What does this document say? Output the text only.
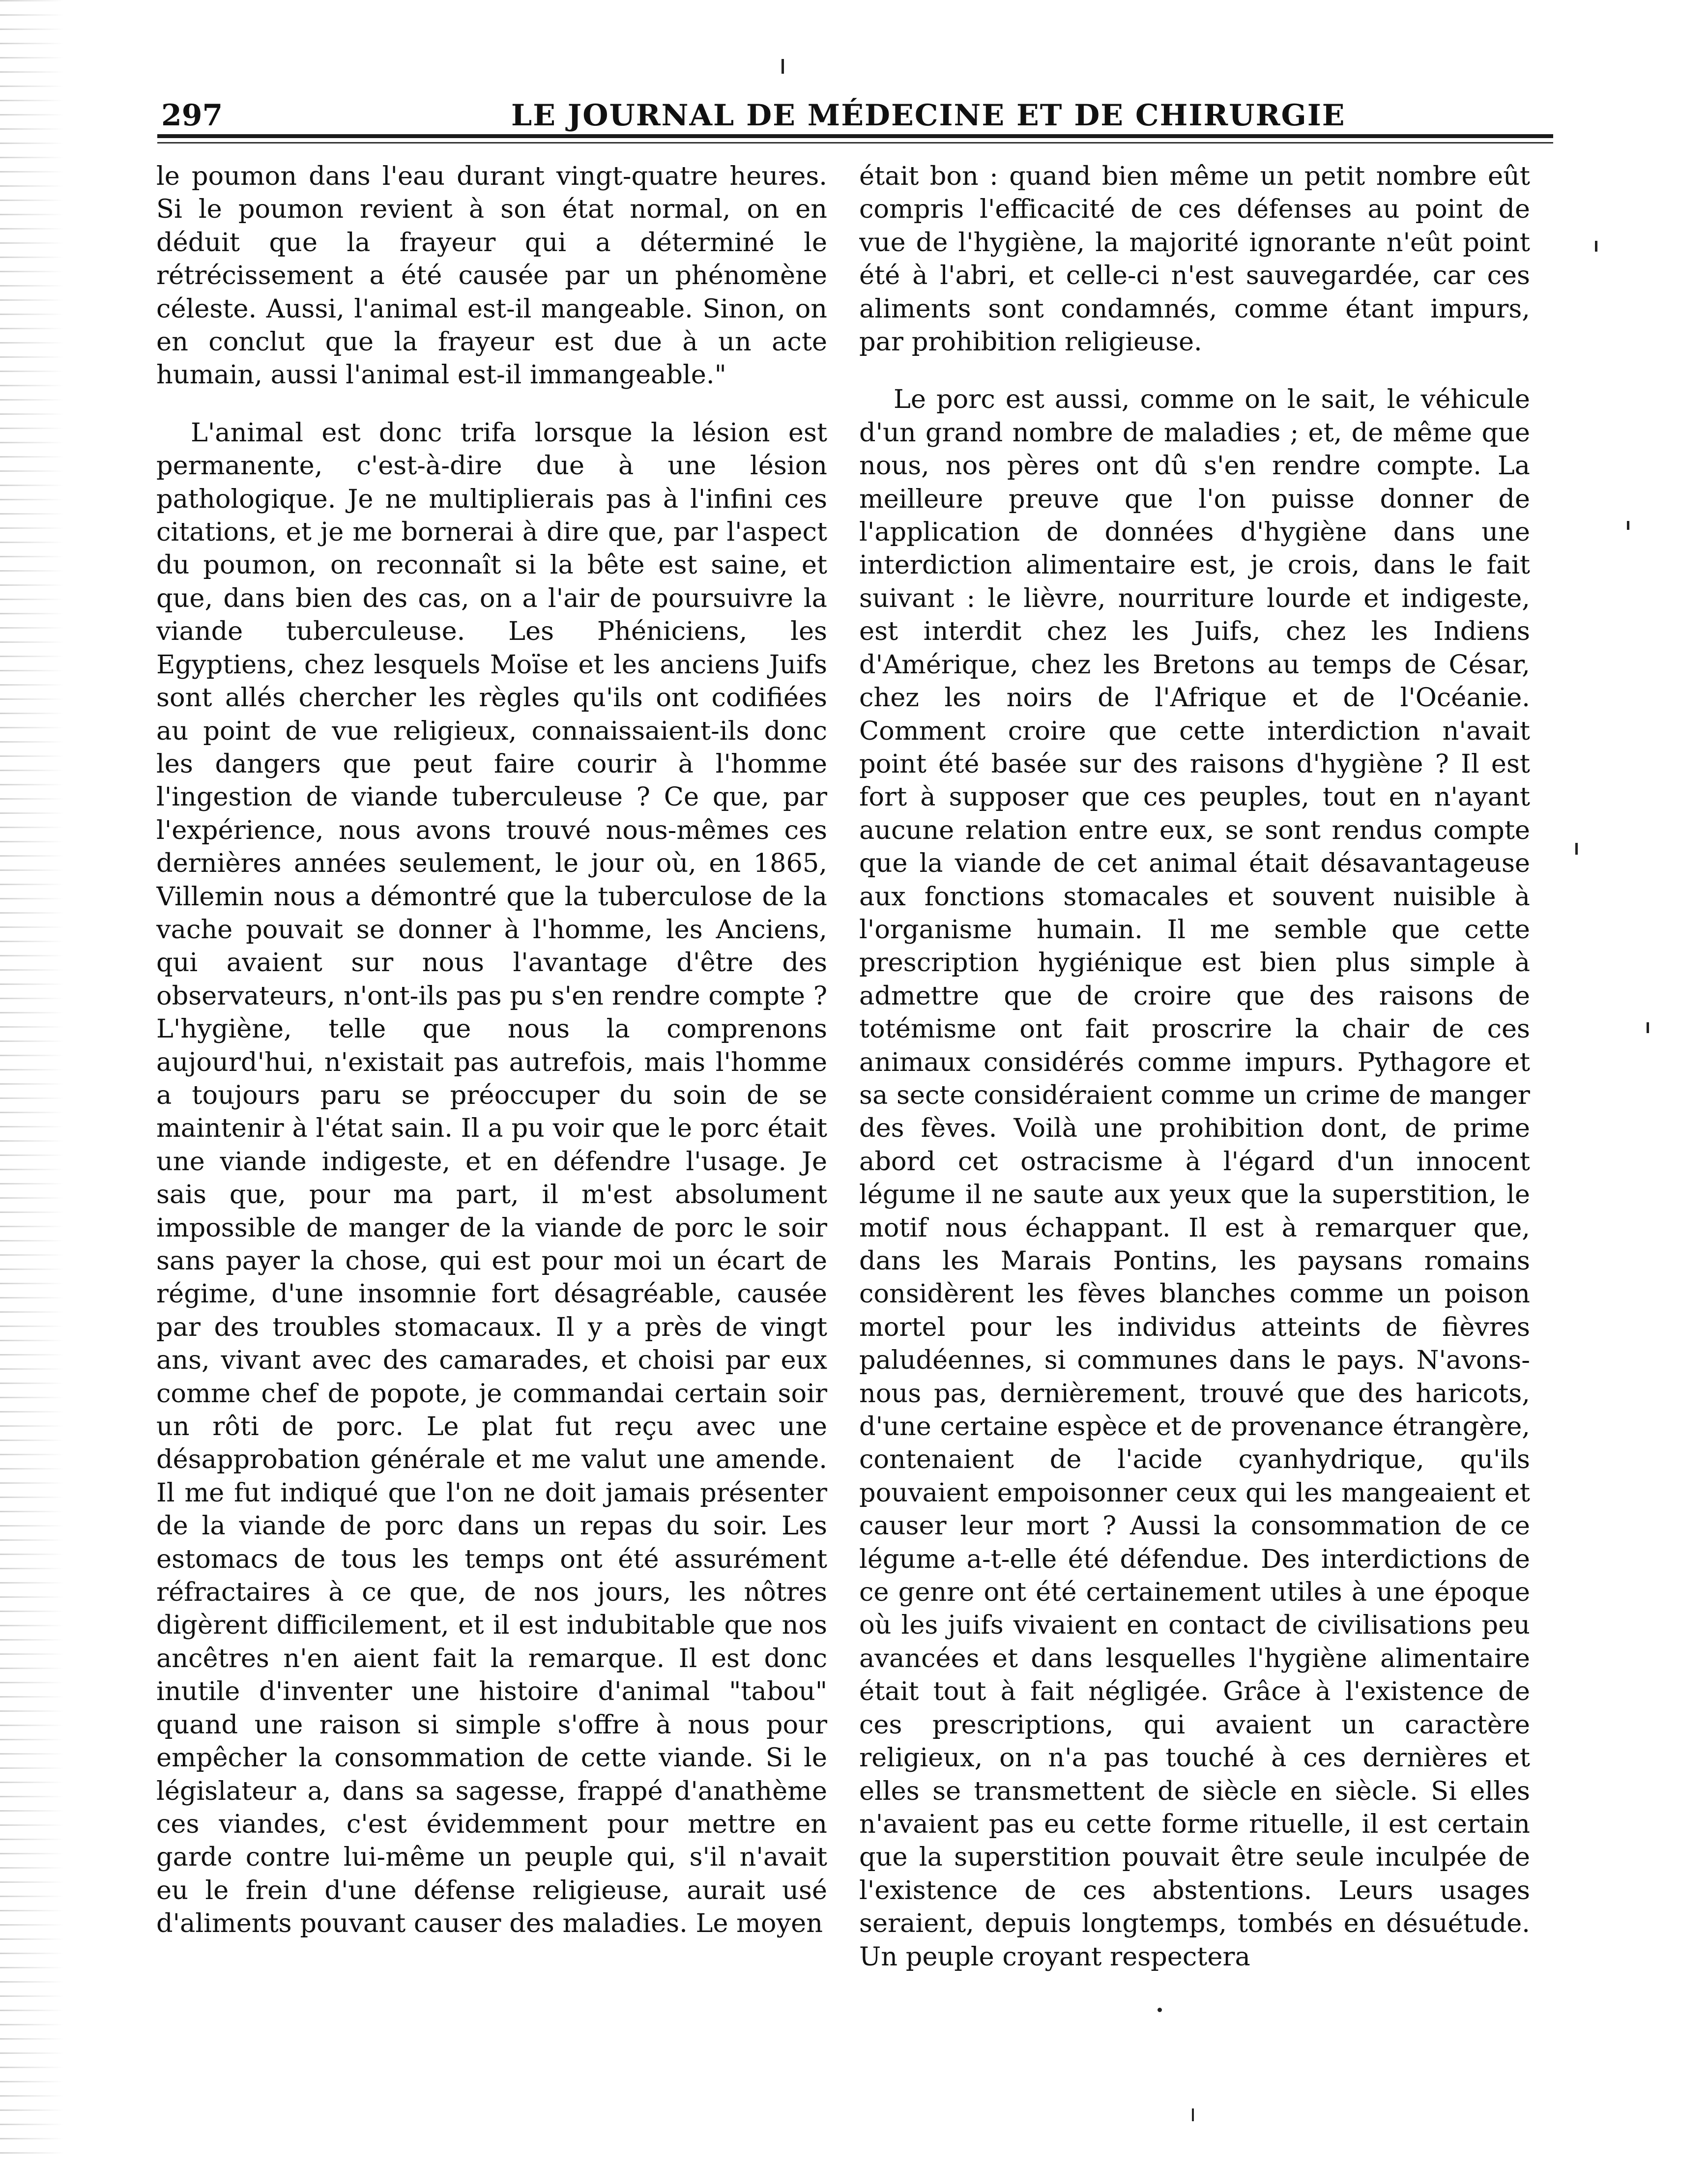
297	LE JOURNAL DE MÉDECINE ET DE CHIRURGIE

le poumon dans l'eau durant vingt-quatre heures. Si le poumon revient à son état normal, on en déduit que la frayeur qui a déterminé le rétrécissement a été causée par un phénomène céleste. Aussi, l'animal est-il mangeable. Sinon, on en conclut que la frayeur est due à un acte humain, aussi l'animal est-il immangeable."

L'animal est donc trifa lorsque la lésion est permanente, c'est-à-dire due à une lésion pathologique. Je ne multiplierais pas à l'infini ces citations, et je me bornerai à dire que, par l'aspect du poumon, on reconnaît si la bête est saine, et que, dans bien des cas, on a l'air de poursuivre la viande tuberculeuse. Les Phéniciens, les Egyptiens, chez lesquels Moïse et les anciens Juifs sont allés chercher les règles qu'ils ont codifiées au point de vue religieux, connaissaient-ils donc les dangers que peut faire courir à l'homme l'ingestion de viande tuberculeuse ? Ce que, par l'expérience, nous avons trouvé nous-mêmes ces dernières années seulement, le jour où, en 1865, Villemin nous a démontré que la tuberculose de la vache pouvait se donner à l'homme, les Anciens, qui avaient sur nous l'avantage d'être des observateurs, n'ont-ils pas pu s'en rendre compte ? L'hygiène, telle que nous la comprenons aujourd'hui, n'existait pas autrefois, mais l'homme a toujours paru se préoccuper du soin de se maintenir à l'état sain. Il a pu voir que le porc était une viande indigeste, et en défendre l'usage. Je sais que, pour ma part, il m'est absolument impossible de manger de la viande de porc le soir sans payer la chose, qui est pour moi un écart de régime, d'une insomnie fort désagréable, causée par des troubles stomacaux. Il y a près de vingt ans, vivant avec des camarades, et choisi par eux comme chef de popote, je commandai certain soir un rôti de porc. Le plat fut reçu avec une désapprobation générale et me valut une amende. Il me fut indiqué que l'on ne doit jamais présenter de la viande de porc dans un repas du soir. Les estomacs de tous les temps ont été assurément réfractaires à ce que, de nos jours, les nôtres digèrent difficilement, et il est indubitable que nos ancêtres n'en aient fait la remarque. Il est donc inutile d'inventer une histoire d'animal "tabou" quand une raison si simple s'offre à nous pour empêcher la consommation de cette viande. Si le législateur a, dans sa sagesse, frappé d'anathème ces viandes, c'est évidemment pour mettre en garde contre lui-même un peuple qui, s'il n'avait eu le frein d'une défense religieuse, aurait usé d'aliments pouvant causer des maladies. Le moyen

était bon : quand bien même un petit nombre eût compris l'efficacité de ces défenses au point de vue de l'hygiène, la majorité ignorante n'eût point été à l'abri, et celle-ci n'est sauvegardée, car ces aliments sont condamnés, comme étant impurs, par prohibition religieuse.

Le porc est aussi, comme on le sait, le véhicule d'un grand nombre de maladies ; et, de même que nous, nos pères ont dû s'en rendre compte. La meilleure preuve que l'on puisse donner de l'application de données d'hygiène dans une interdiction alimentaire est, je crois, dans le fait suivant : le lièvre, nourriture lourde et indigeste, est interdit chez les Juifs, chez les Indiens d'Amérique, chez les Bretons au temps de César, chez les noirs de l'Afrique et de l'Océanie. Comment croire que cette interdiction n'avait point été basée sur des raisons d'hygiène ? Il est fort à supposer que ces peuples, tout en n'ayant aucune relation entre eux, se sont rendus compte que la viande de cet animal était désavantageuse aux fonctions stomacales et souvent nuisible à l'organisme humain. Il me semble que cette prescription hygiénique est bien plus simple à admettre que de croire que des raisons de totémisme ont fait proscrire la chair de ces animaux considérés comme impurs. Pythagore et sa secte considéraient comme un crime de manger des fèves. Voilà une prohibition dont, de prime abord cet ostracisme à l'égard d'un innocent légume il ne saute aux yeux que la superstition, le motif nous échappant. Il est à remarquer que, dans les Marais Pontins, les paysans romains considèrent les fèves blanches comme un poison mortel pour les individus atteints de fièvres paludéennes, si communes dans le pays. N'avons-nous pas, dernièrement, trouvé que des haricots, d'une certaine espèce et de provenance étrangère, contenaient de l'acide cyanhydrique, qu'ils pouvaient empoisonner ceux qui les mangeaient et causer leur mort ? Aussi la consommation de ce légume a-t-elle été défendue. Des interdictions de ce genre ont été certainement utiles à une époque où les juifs vivaient en contact de civilisations peu avancées et dans lesquelles l'hygiène alimentaire était tout à fait négligée. Grâce à l'existence de ces prescriptions, qui avaient un caractère religieux, on n'a pas touché à ces dernières et elles se transmettent de siècle en siècle. Si elles n'avaient pas eu cette forme rituelle, il est certain que la superstition pouvait être seule inculpée de l'existence de ces abstentions. Leurs usages seraient, depuis longtemps, tombés en désuétude. Un peuple croyant respectera
